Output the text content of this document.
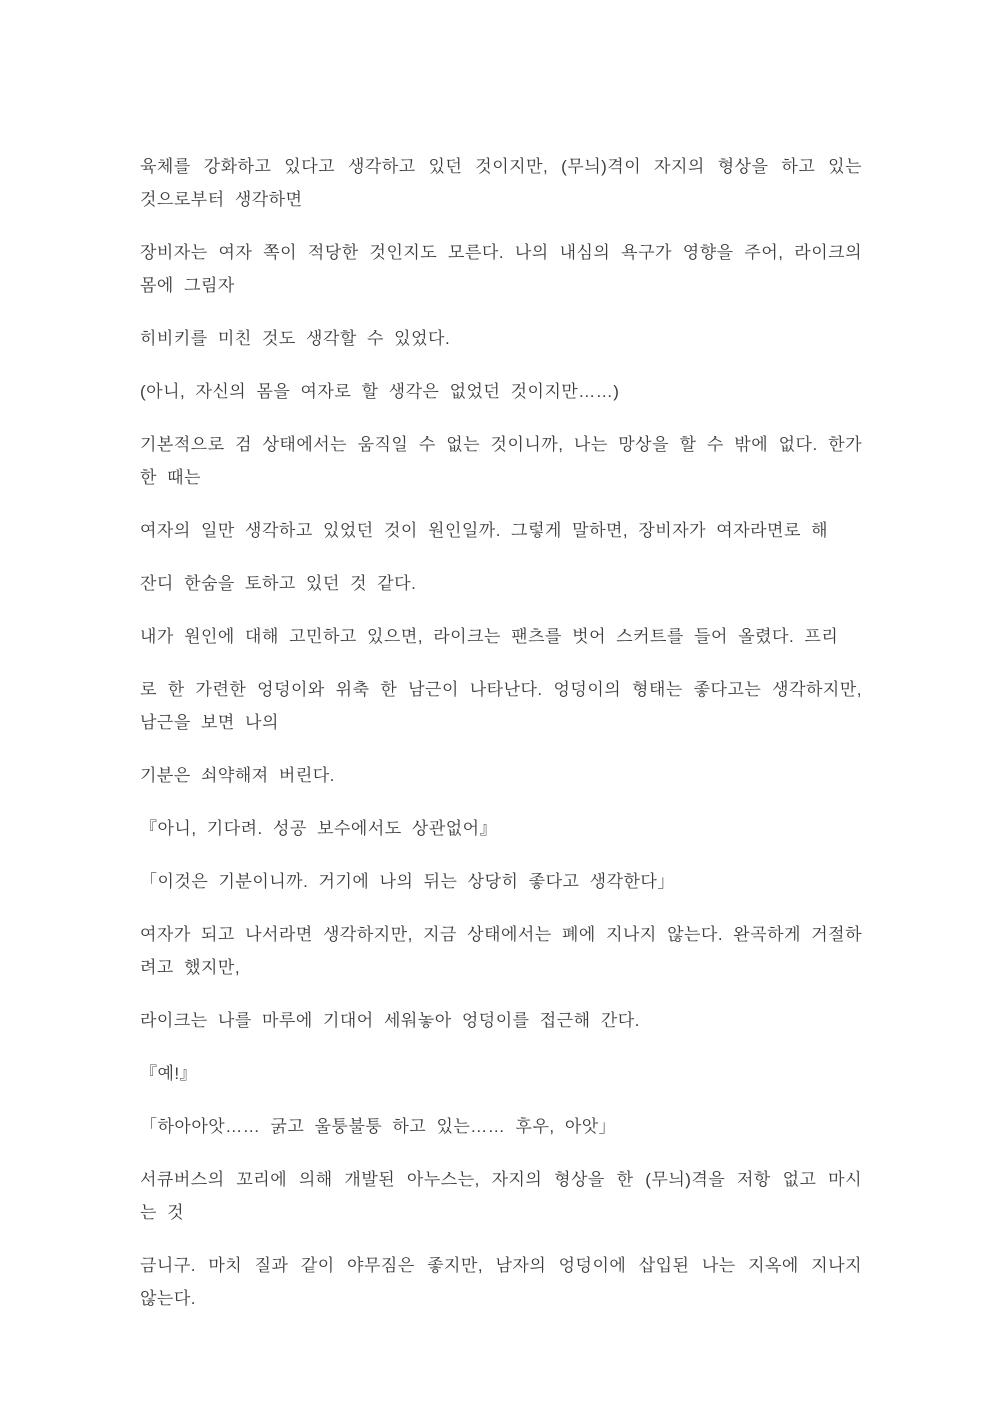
육체를 강화하고 있다고 생각하고 있던 것이지만, (무늬)격이 자지의 형상을 하고 있는 것으로부터 생각하면

장비자는 여자 쪽이 적당한 것인지도 모른다. 나의 내심의 욕구가 영향을 주어, 라이크의 몸에 그림자

히비키를 미친 것도 생각할 수 있었다.

(아니, 자신의 몸을 여자로 할 생각은 없었던 것이지만……)

기본적으로 검 상태에서는 움직일 수 없는 것이니까, 나는 망상을 할 수 밖에 없다. 한가한 때는

여자의 일만 생각하고 있었던 것이 원인일까. 그렇게 말하면, 장비자가 여자라면로 해

잔디 한숨을 토하고 있던 것 같다.

내가 원인에 대해 고민하고 있으면, 라이크는 팬츠를 벗어 스커트를 들어 올렸다. 프리

로 한 가련한 엉덩이와 위축 한 남근이 나타난다. 엉덩이의 형태는 좋다고는 생각하지만, 남근을 보면 나의

기분은 쇠약해져 버린다.

『아니, 기다려. 성공 보수에서도 상관없어』

「이것은 기분이니까. 거기에 나의 뒤는 상당히 좋다고 생각한다」

여자가 되고 나서라면 생각하지만, 지금 상태에서는 폐에 지나지 않는다. 완곡하게 거절하려고 했지만,

라이크는 나를 마루에 기대어 세워놓아 엉덩이를 접근해 간다.

『예!』

「하아아앗…… 굵고 울퉁불퉁 하고 있는…… 후우, 아앗」

서큐버스의 꼬리에 의해 개발된 아누스는, 자지의 형상을 한 (무늬)격을 저항 없고 마시는 것

금니구. 마치 질과 같이 야무짐은 좋지만, 남자의 엉덩이에 삽입된 나는 지옥에 지나지 않는다.
